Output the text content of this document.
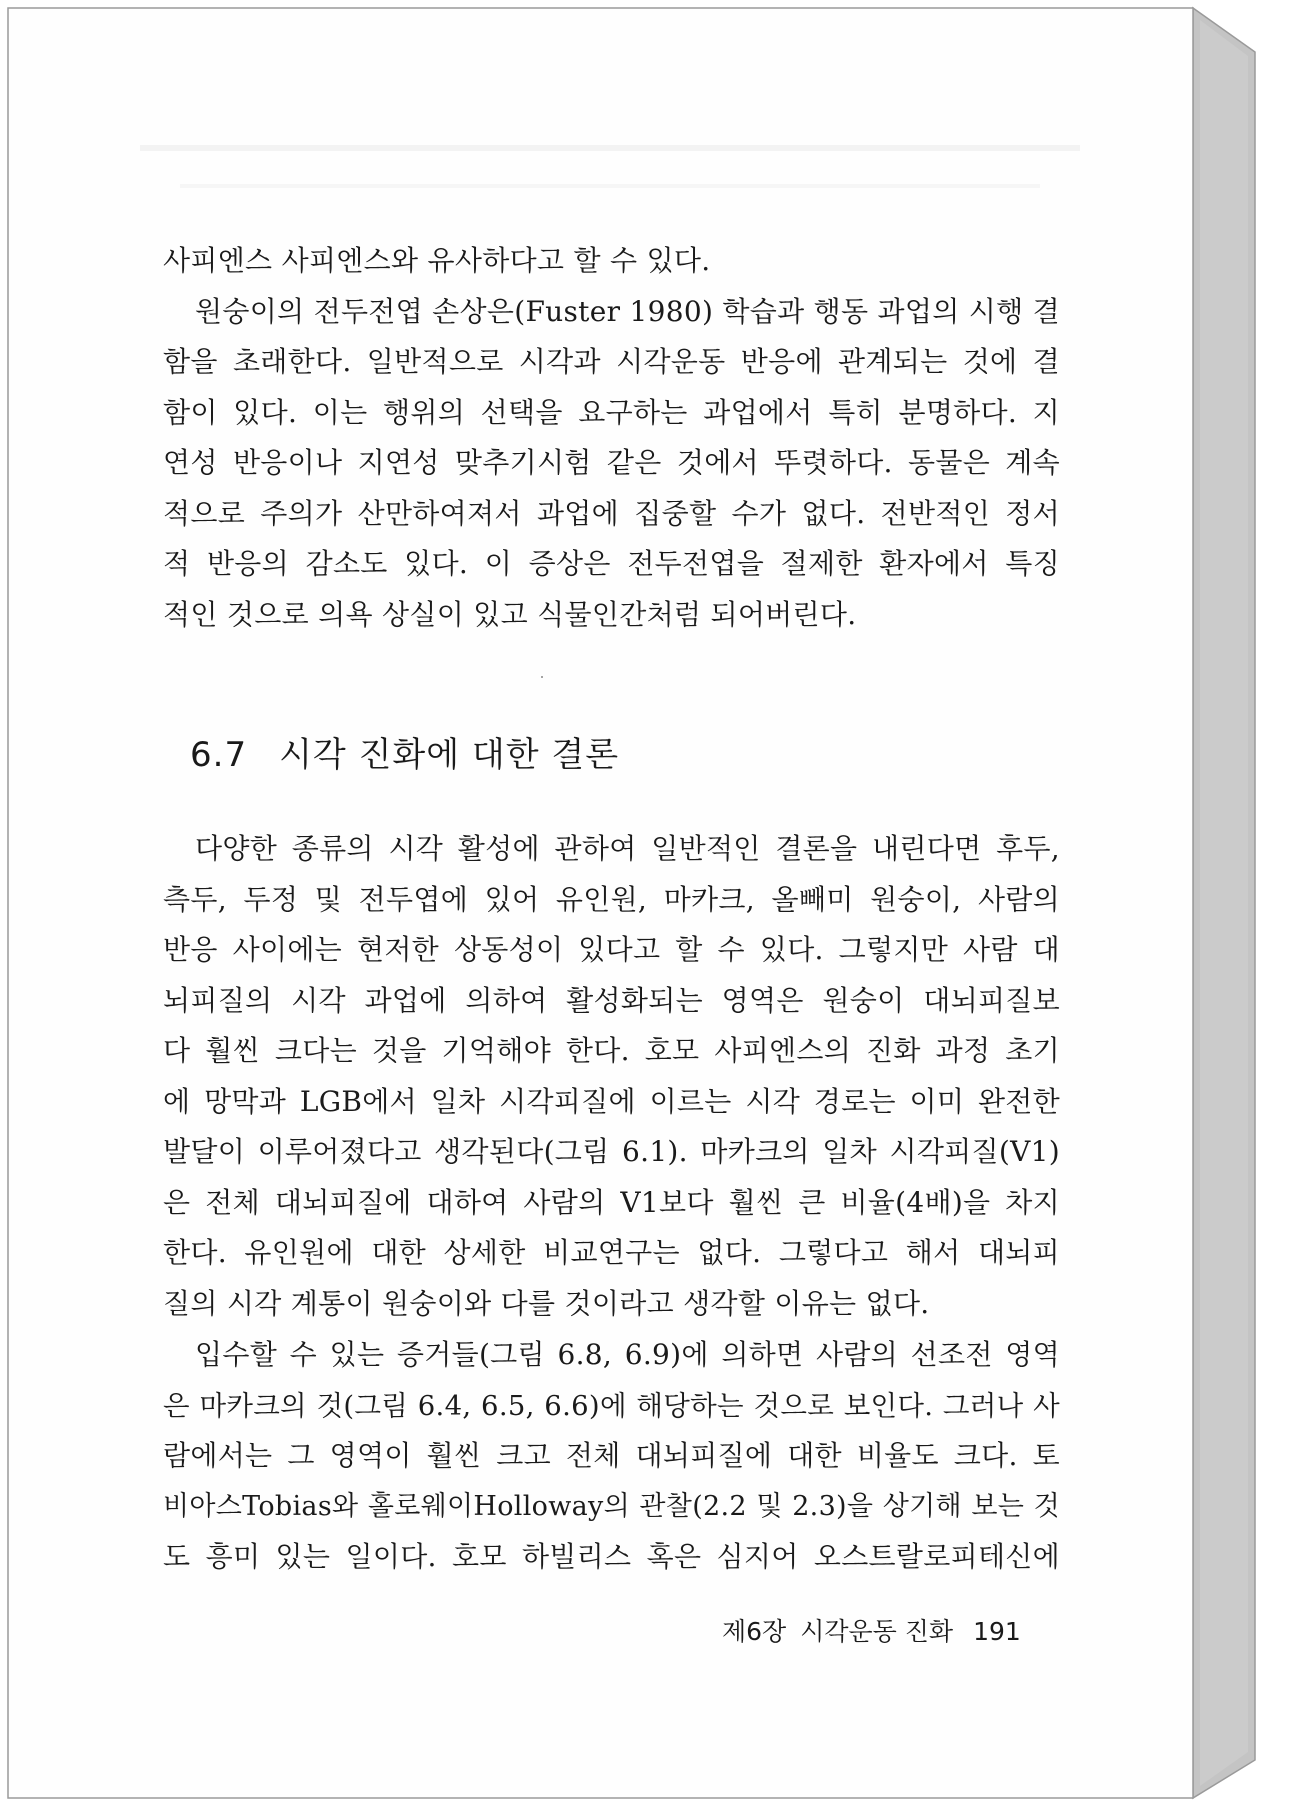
사피엔스 사피엔스와 유사하다고 할 수 있다.
원숭이의 전두전엽 손상은(Fuster 1980) 학습과 행동 과업의 시행 결
함을 초래한다. 일반적으로 시각과 시각운동 반응에 관계되는 것에 결
함이 있다. 이는 행위의 선택을 요구하는 과업에서 특히 분명하다. 지
연성 반응이나 지연성 맞추기시험 같은 것에서 뚜렷하다. 동물은 계속
적으로 주의가 산만하여져서 과업에 집중할 수가 없다. 전반적인 정서
적 반응의 감소도 있다. 이 증상은 전두전엽을 절제한 환자에서 특징
적인 것으로 의욕 상실이 있고 식물인간처럼 되어버린다.
6.7 시각 진화에 대한 결론
다양한 종류의 시각 활성에 관하여 일반적인 결론을 내린다면 후두,
측두, 두정 및 전두엽에 있어 유인원, 마카크, 올빼미 원숭이, 사람의
반응 사이에는 현저한 상동성이 있다고 할 수 있다. 그렇지만 사람 대
뇌피질의 시각 과업에 의하여 활성화되는 영역은 원숭이 대뇌피질보
다 훨씬 크다는 것을 기억해야 한다. 호모 사피엔스의 진화 과정 초기
에 망막과 LGB에서 일차 시각피질에 이르는 시각 경로는 이미 완전한
발달이 이루어졌다고 생각된다(그림 6.1). 마카크의 일차 시각피질(V1)
은 전체 대뇌피질에 대하여 사람의 V1보다 훨씬 큰 비율(4배)을 차지
한다. 유인원에 대한 상세한 비교연구는 없다. 그렇다고 해서 대뇌피
질의 시각 계통이 원숭이와 다를 것이라고 생각할 이유는 없다.
입수할 수 있는 증거들(그림 6.8, 6.9)에 의하면 사람의 선조전 영역
은 마카크의 것(그림 6.4, 6.5, 6.6)에 해당하는 것으로 보인다. 그러나 사
람에서는 그 영역이 훨씬 크고 전체 대뇌피질에 대한 비율도 크다. 토
비아스Tobias와 홀로웨이Holloway의 관찰(2.2 및 2.3)을 상기해 보는 것
도 흥미 있는 일이다. 호모 하빌리스 혹은 심지어 오스트랄로피테신에
제6장 시각운동 진화 191
